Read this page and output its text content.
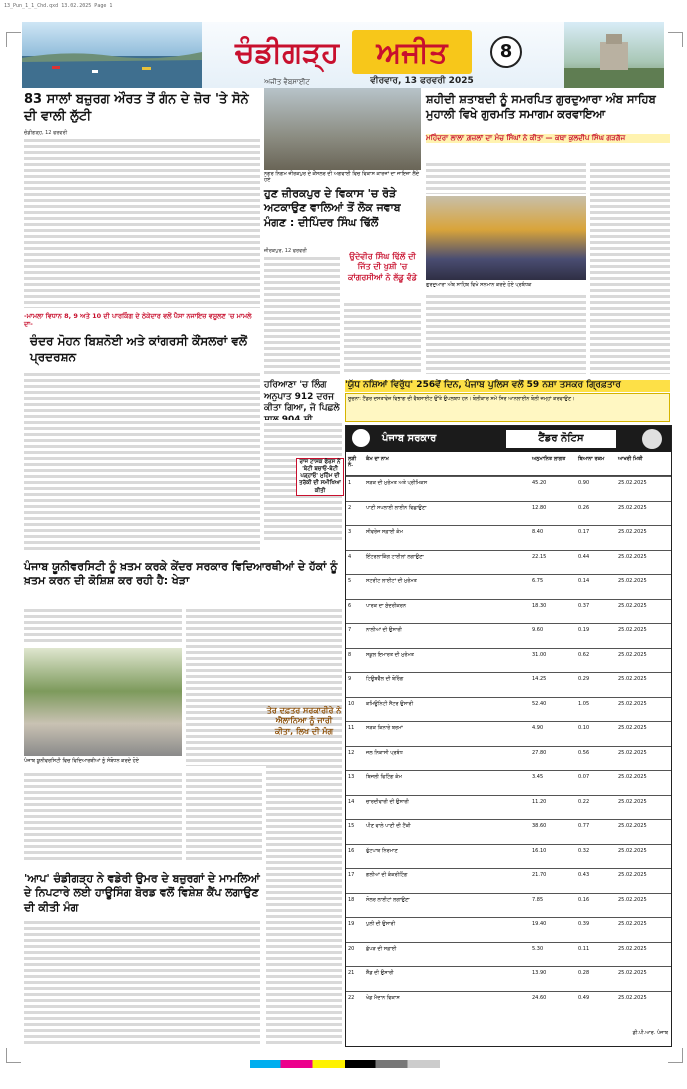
13_Pun_1_1_Chd.qxd 13.02.2025 Page 1
ਚੰਡੀਗੜ੍ਹ	ਅਜੀਤ	8
ਅਜੀਤ ਵੈਬਸਾਈਟ	ਵੀਰਵਾਰ, 13 ਫਰਵਰੀ 2025
83 ਸਾਲਾਂ ਬਜ਼ੁਰਗ ਔਰਤ ਤੋਂ ਗੰਨ ਦੇ ਜ਼ੋਰ 'ਤੇ ਸੋਨੇ ਦੀ ਵਾਲੀ ਲੁੱਟੀ
ਚੰਡੀਗੜ੍ਹ, 12 ਫਰਵਰੀ
-ਮਾਮਲਾ ਵਿਧਾਨ 8, 9 ਅਤੇ 10 ਦੀ ਪਾਰਕਿੰਗ ਦੇ ਠੇਕੇਦਾਰ ਵਲੋਂ ਪੈਸਾ ਨਜਾਇਜ਼ ਵਸੂਲਣ 'ਚ ਮਾਮਲੇ ਦਾ-
ਚੰਦਰ ਮੋਹਨ ਬਿਸ਼ਨੋਈ ਅਤੇ ਕਾਂਗਰਸੀ ਕੌਂਸਲਰਾਂ ਵਲੋਂ ਪ੍ਰਦਰਸ਼ਨ
ਨਗਰ ਨਿਗਮ ਜ਼ੀਰਕਪੁਰ ਦੇ ਕੌਂਸਲਰ ਦੀ ਅਗਵਾਈ ਵਿਚ ਵਿਕਾਸ ਕਾਰਜਾਂ ਦਾ ਜਾਇਜ਼ਾ ਲੈਂਦੇ ਹੋਏ
ਹੁਣ ਜ਼ੀਰਕਪੁਰ ਦੇ ਵਿਕਾਸ 'ਚ ਰੋੜੇ ਅਟਕਾਉਣ ਵਾਲਿਆਂ ਤੋਂ ਲੋਕ ਜਵਾਬ ਮੰਗਣ : ਦੀਪਿੰਦਰ ਸਿੰਘ ਢਿੱਲੋਂ
ਜ਼ੀਰਕਪੁਰ, 12 ਫਰਵਰੀ
ਉਦੇਵੀਰ ਸਿੰਘ ਢਿੱਲੋਂ ਦੀ ਜਿੱਤ ਦੀ ਖੁਸ਼ੀ 'ਚ ਕਾਂਗਰਸੀਆਂ ਨੇ ਲੱਡੂ ਵੰਡੇ
ਸ਼ਹੀਦੀ ਸ਼ਤਾਬਦੀ ਨੂੰ ਸਮਰਪਿਤ ਗੁਰਦੁਆਰਾ ਅੰਬ ਸਾਹਿਬ ਮੁਹਾਲੀ ਵਿਖੇ ਗੁਰਮਤਿ ਸਮਾਗਮ ਕਰਵਾਇਆ
ਮਹਿੰਦਰਾ ਲਾਲਾ ਗ਼ਜ਼ਲਾਂ ਦਾ ਮੰਚ ਸਿੰਘਾਂ ਨੇ ਕੀਤਾ — ਕਥਾ ਕੁਲਦੀਪ ਸਿੰਘ ਗੜਗੱਜ
ਗੁਰਦੁਆਰਾ ਅੰਬ ਸਾਹਿਬ ਵਿਖੇ ਸਨਮਾਨ ਕਰਦੇ ਹੋਏ ਪ੍ਰਬੰਧਕ
ਹਰਿਆਣਾ 'ਚ ਲਿੰਗ ਅਨੁਪਾਤ 912 ਦਰਜ ਕੀਤਾ ਗਿਆ, ਜੋ ਪਿਛਲੇ
ਰਾਜ ਟਾਸਕ ਫੋਰਸ ਨੇ 'ਬੇਟੀ ਬਚਾਓ-ਬੇਟੀ ਪੜ੍ਹਾਓ' ਮੁਹਿੰਮ ਦੀ ਤਰੱਕੀ ਦੀ ਸਮੀਖਿਆ ਕੀਤੀ
'ਯੁੱਧ ਨਸ਼ਿਆਂ ਵਿਰੁੱਧ' 256ਵੇਂ ਦਿਨ, ਪੰਜਾਬ ਪੁਲਿਸ ਵਲੋਂ 59 ਨਸ਼ਾ ਤਸਕਰ ਗ੍ਰਿਫ਼ਤਾਰ
ਸੂਚਨਾ: ਟੈਂਡਰ ਦਸਤਾਵੇਜ਼ ਵਿਭਾਗ ਦੀ ਵੈਬਸਾਈਟ ਉੱਤੇ ਉਪਲਬਧ ਹਨ। ਬੋਲੀਕਾਰ ਸਮੇਂ ਸਿਰ ਆਨਲਾਈਨ ਬੋਲੀ ਜਮ੍ਹਾਂ ਕਰਵਾਉਣ।
ਪੰਜਾਬ ਯੂਨੀਵਰਸਿਟੀ ਨੂੰ ਖ਼ਤਮ ਕਰਕੇ ਕੇਂਦਰ ਸਰਕਾਰ ਵਿਦਿਆਰਥੀਆਂ ਦੇ ਹੱਕਾਂ ਨੂੰ ਖ਼ਤਮ ਕਰਨ ਦੀ ਕੋਸ਼ਿਸ਼ ਕਰ ਰਹੀ ਹੈ: ਖੇੜਾ
ਪੰਜਾਬ ਯੂਨੀਵਰਸਿਟੀ ਵਿਚ ਵਿਦਿਆਰਥੀਆਂ ਨੂੰ ਸੰਬੋਧਨ ਕਰਦੇ ਹੋਏ
ਤੇਰ ਦਫ਼ਤਰ ਸਰਕਾਰੀਰੇ ਨੇ ਐਲਾਨਿਆ ਨੂੰ ਜਾਰੀ ਕੀਤਾ, ਲਿਖ ਦੀ ਮੰਗ
'ਆਪ' ਚੰਡੀਗੜ੍ਹ ਨੇ ਵਡੇਰੀ ਉਮਰ ਦੇ ਬਜ਼ੁਰਗਾਂ ਦੇ ਮਾਮਲਿਆਂ ਦੇ ਨਿਪਟਾਰੇ ਲਈ ਹਾਊਸਿੰਗ ਬੋਰਡ ਵਲੋਂ ਵਿਸ਼ੇਸ਼ ਕੈਂਪ ਲਗਾਉਣ ਦੀ ਕੀਤੀ ਮੰਗ
ਪੰਜਾਬ ਸਰਕਾਰ	ਟੈਂਡਰ ਨੋਟਿਸ
ਲੜੀ ਨੰ.
ਕੰਮ ਦਾ ਨਾਮ	ਅਨੁਮਾਨਿਤ ਲਾਗਤ	ਬਿਆਨਾ ਰਕਮ	ਆਖਰੀ ਮਿਤੀ
1	ਸੜਕ ਦੀ ਮੁਰੰਮਤ ਅਤੇ ਪ੍ਰੀਮਿਕਸ	45.20	0.90	25.02.2025
2	ਪਾਣੀ ਸਪਲਾਈ ਲਾਈਨ ਵਿਛਾਉਣਾ	12.80	0.26	25.02.2025
3	ਸੀਵਰੇਜ ਸਫ਼ਾਈ ਕੰਮ	8.40	0.17	25.02.2025
4	ਇੰਟਰਲਾਕਿੰਗ ਟਾਈਲਾਂ ਲਗਾਉਣਾ	22.15	0.44	25.02.2025
5	ਸਟਰੀਟ ਲਾਈਟਾਂ ਦੀ ਮੁਰੰਮਤ	6.75	0.14	25.02.2025
6	ਪਾਰਕ ਦਾ ਸੁੰਦਰੀਕਰਨ	18.30	0.37	25.02.2025
7	ਨਾਲੀਆਂ ਦੀ ਉਸਾਰੀ	9.60	0.19	25.02.2025
8	ਸਕੂਲ ਇਮਾਰਤ ਦੀ ਮੁਰੰਮਤ	31.00	0.62	25.02.2025
9	ਟਿਊਬਵੈੱਲ ਦੀ ਬੋਰਿੰਗ	14.25	0.29	25.02.2025
10	ਕਮਿਊਨਿਟੀ ਸੈਂਟਰ ਉਸਾਰੀ	52.40	1.05	25.02.2025
11	ਸੜਕ ਕਿਨਾਰੇ ਬਰਮਾਂ	4.90	0.10	25.02.2025
12	ਜਲ ਨਿਕਾਸੀ ਪ੍ਰਬੰਧ	27.80	0.56	25.02.2025
13	ਬਿਜਲੀ ਫਿਟਿੰਗ ਕੰਮ	3.45	0.07	25.02.2025
14	ਚਾਰਦੀਵਾਰੀ ਦੀ ਉਸਾਰੀ	11.20	0.22	25.02.2025
15	ਪੀਣ ਵਾਲੇ ਪਾਣੀ ਦੀ ਟੈਂਕੀ	38.60	0.77	25.02.2025
16	ਫੁੱਟਪਾਥ ਨਿਰਮਾਣ	16.10	0.32	25.02.2025
17	ਗਲੀਆਂ ਦੀ ਕੰਕਰੀਟਿੰਗ	21.70	0.43	25.02.2025
18	ਸੋਲਰ ਲਾਈਟਾਂ ਲਗਾਉਣਾ	7.85	0.16	25.02.2025
19	ਪੁਲੀ ਦੀ ਉਸਾਰੀ	19.40	0.39	25.02.2025
20	ਛੱਪੜ ਦੀ ਸਫ਼ਾਈ	5.30	0.11	25.02.2025
21	ਸ਼ੈੱਡ ਦੀ ਉਸਾਰੀ	13.90	0.28	25.02.2025
22	ਖੇਡ ਮੈਦਾਨ ਵਿਕਾਸ	24.60	0.49	25.02.2025
ਡੀ.ਪੀ.ਆਰ. ਪੰਜਾਬ
